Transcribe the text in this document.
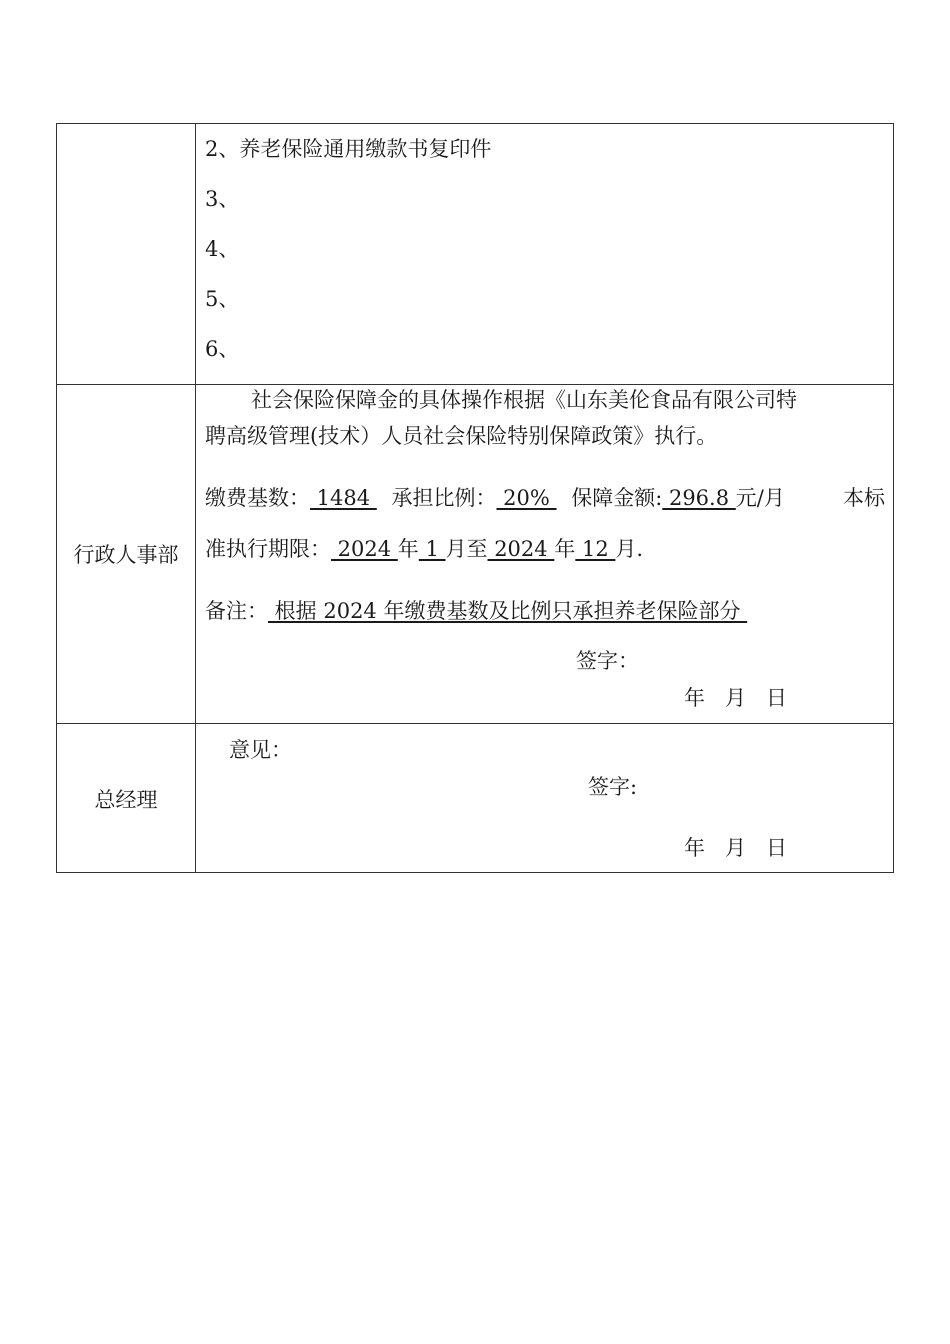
2、养老保险通用缴款书复印件
3、
4、
5、
6、
行政人事部
社会保险保障金的具体操作根据《山东美伦食品有限公司特
聘高级管理(技术）人员社会保险特别保障政策》执行。
缴费基数： 1484  承担比例： 20%  保障金额: 296.8 元/月	本标
准执行期限： 2024 年 1 月至 2024 年 12 月.
备注： 根据 2024 年缴费基数及比例只承担养老保险部分
签字：
年   月   日
总经理
意见：
签字:
年   月   日
